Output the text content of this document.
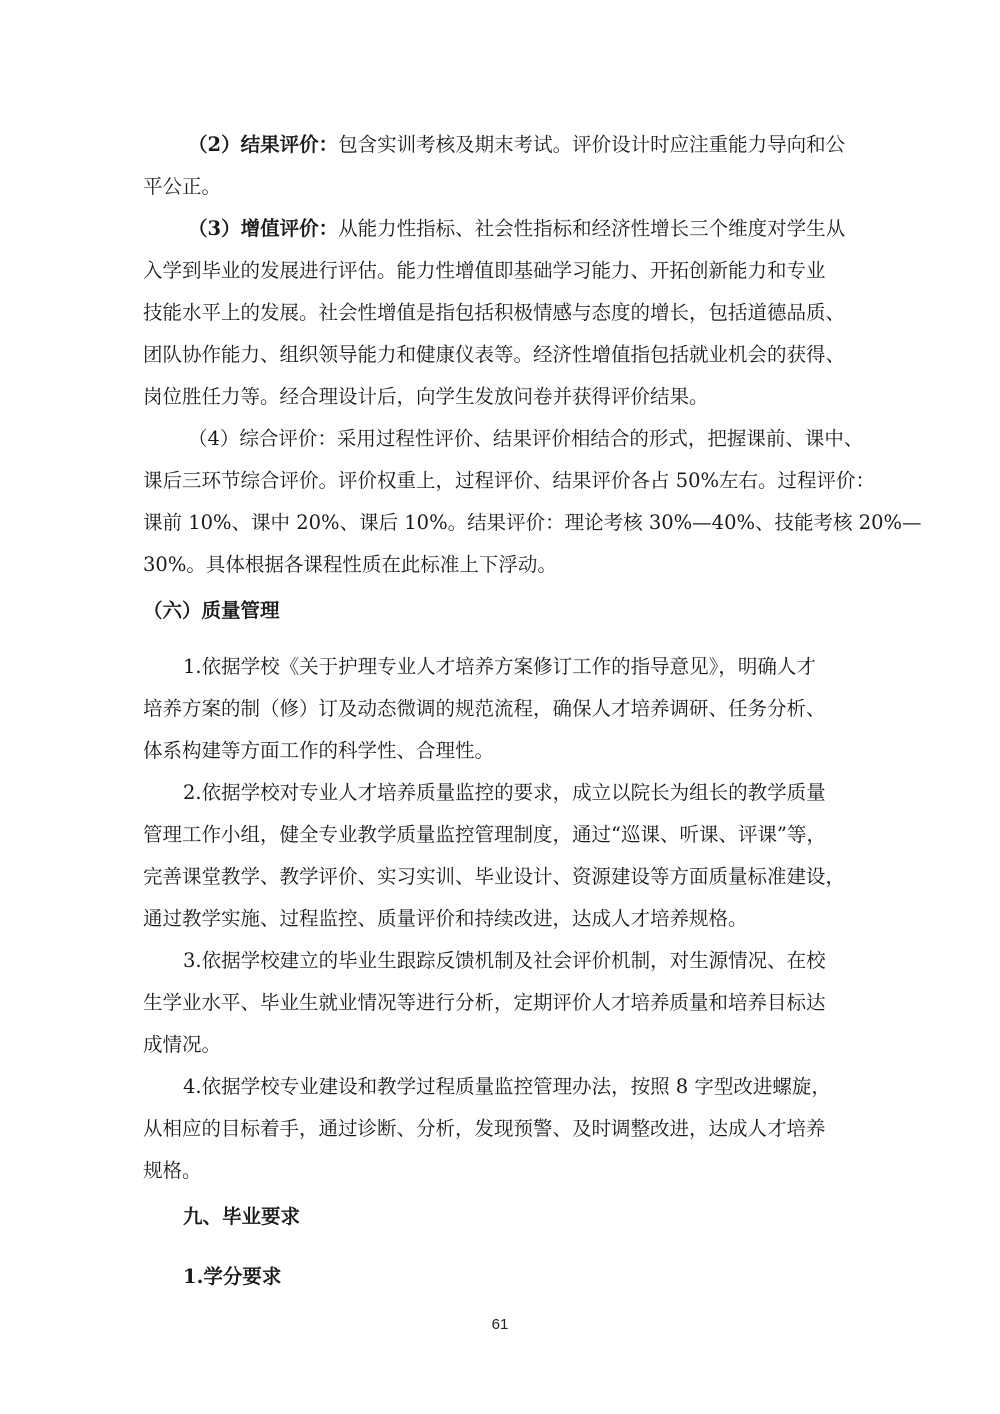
（2）结果评价：包含实训考核及期末考试。评价设计时应注重能力导向和公
平公正。
（3）增值评价：从能力性指标、社会性指标和经济性增长三个维度对学生从
入学到毕业的发展进行评估。能力性增值即基础学习能力、开拓创新能力和专业
技能水平上的发展。社会性增值是指包括积极情感与态度的增长，包括道德品质、
团队协作能力、组织领导能力和健康仪表等。经济性增值指包括就业机会的获得、
岗位胜任力等。经合理设计后，向学生发放问卷并获得评价结果。
（4）综合评价：采用过程性评价、结果评价相结合的形式，把握课前、课中、
课后三环节综合评价。评价权重上，过程评价、结果评价各占 50%左右。过程评价：
课前 10%、课中 20%、课后 10%。结果评价：理论考核 30%—40%、技能考核 20%—
30%。具体根据各课程性质在此标准上下浮动。
（六）质量管理
1.依据学校《关于护理专业人才培养方案修订工作的指导意见》，明确人才
培养方案的制（修）订及动态微调的规范流程，确保人才培养调研、任务分析、
体系构建等方面工作的科学性、合理性。
2.依据学校对专业人才培养质量监控的要求，成立以院长为组长的教学质量
管理工作小组，健全专业教学质量监控管理制度，通过“巡课、听课、评课”等，
完善课堂教学、教学评价、实习实训、毕业设计、资源建设等方面质量标准建设，
通过教学实施、过程监控、质量评价和持续改进，达成人才培养规格。
3.依据学校建立的毕业生跟踪反馈机制及社会评价机制，对生源情况、在校
生学业水平、毕业生就业情况等进行分析，定期评价人才培养质量和培养目标达
成情况。
4.依据学校专业建设和教学过程质量监控管理办法，按照 8 字型改进螺旋，
从相应的目标着手，通过诊断、分析，发现预警、及时调整改进，达成人才培养
规格。
九、毕业要求
1.学分要求
61
